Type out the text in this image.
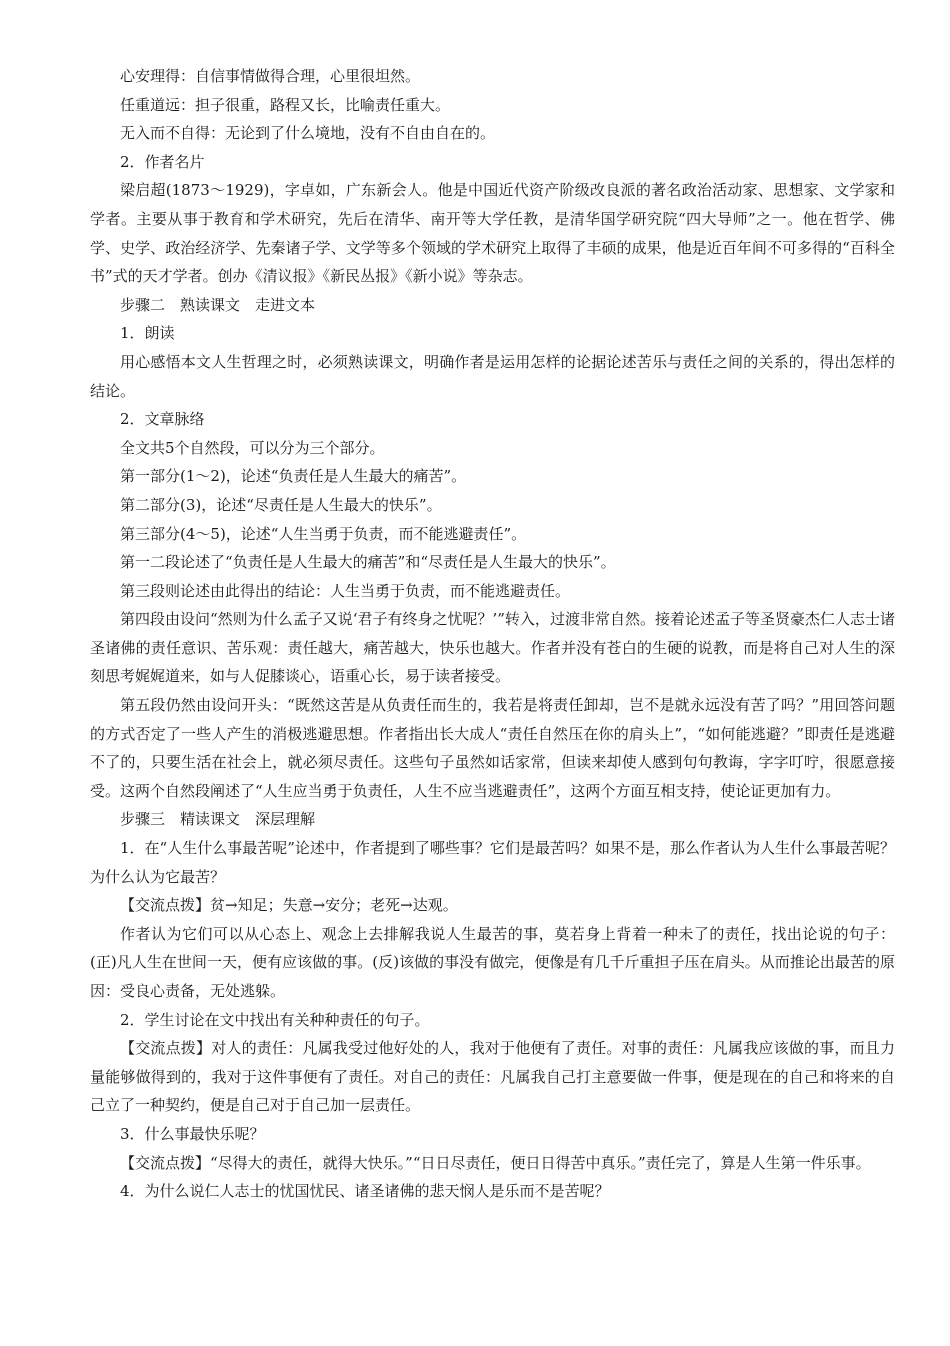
心安理得：自信事情做得合理，心里很坦然。

任重道远：担子很重，路程又长，比喻责任重大。

无入而不自得：无论到了什么境地，没有不自由自在的。

2．作者名片

梁启超(1873～1929)，字卓如，广东新会人。他是中国近代资产阶级改良派的著名政治活动家、思想家、文学家和学者。主要从事于教育和学术研究，先后在清华、南开等大学任教，是清华国学研究院“四大导师”之一。他在哲学、佛学、史学、政治经济学、先秦诸子学、文学等多个领域的学术研究上取得了丰硕的成果，他是近百年间不可多得的“百科全书”式的天才学者。创办《清议报》《新民丛报》《新小说》等杂志。

步骤二　熟读课文　走进文本

1．朗读

用心感悟本文人生哲理之时，必须熟读课文，明确作者是运用怎样的论据论述苦乐与责任之间的关系的，得出怎样的结论。

2．文章脉络

全文共5个自然段，可以分为三个部分。

第一部分(1～2)，论述“负责任是人生最大的痛苦”。

第二部分(3)，论述“尽责任是人生最大的快乐”。

第三部分(4～5)，论述“人生当勇于负责，而不能逃避责任”。

第一二段论述了“负责任是人生最大的痛苦”和“尽责任是人生最大的快乐”。

第三段则论述由此得出的结论：人生当勇于负责，而不能逃避责任。

第四段由设问“然则为什么孟子又说‘君子有终身之忧呢？’”转入，过渡非常自然。接着论述孟子等圣贤豪杰仁人志士诸圣诸佛的责任意识、苦乐观：责任越大，痛苦越大，快乐也越大。作者并没有苍白的生硬的说教，而是将自己对人生的深刻思考娓娓道来，如与人促膝谈心，语重心长，易于读者接受。

第五段仍然由设问开头：“既然这苦是从负责任而生的，我若是将责任卸却，岂不是就永远没有苦了吗？”用回答问题的方式否定了一些人产生的消极逃避思想。作者指出长大成人“责任自然压在你的肩头上”，“如何能逃避？”即责任是逃避不了的，只要生活在社会上，就必须尽责任。这些句子虽然如话家常，但读来却使人感到句句教诲，字字叮咛，很愿意接受。这两个自然段阐述了“人生应当勇于负责任，人生不应当逃避责任”，这两个方面互相支持，使论证更加有力。

步骤三　精读课文　深层理解

1．在“人生什么事最苦呢”论述中，作者提到了哪些事？它们是最苦吗？如果不是，那么作者认为人生什么事最苦呢？为什么认为它最苦？

【交流点拨】贫→知足；失意→安分；老死→达观。

作者认为它们可以从心态上、观念上去排解我说人生最苦的事，莫若身上背着一种未了的责任，找出论说的句子：(正)凡人生在世间一天，便有应该做的事。(反)该做的事没有做完，便像是有几千斤重担子压在肩头。从而推论出最苦的原因：受良心责备，无处逃躲。

2．学生讨论在文中找出有关种种责任的句子。

【交流点拨】对人的责任：凡属我受过他好处的人，我对于他便有了责任。对事的责任：凡属我应该做的事，而且力量能够做得到的，我对于这件事便有了责任。对自己的责任：凡属我自己打主意要做一件事，便是现在的自己和将来的自己立了一种契约，便是自己对于自己加一层责任。

3．什么事最快乐呢？

【交流点拨】“尽得大的责任，就得大快乐。”“日日尽责任，便日日得苦中真乐。”责任完了，算是人生第一件乐事。

4．为什么说仁人志士的忧国忧民、诸圣诸佛的悲天悯人是乐而不是苦呢？
